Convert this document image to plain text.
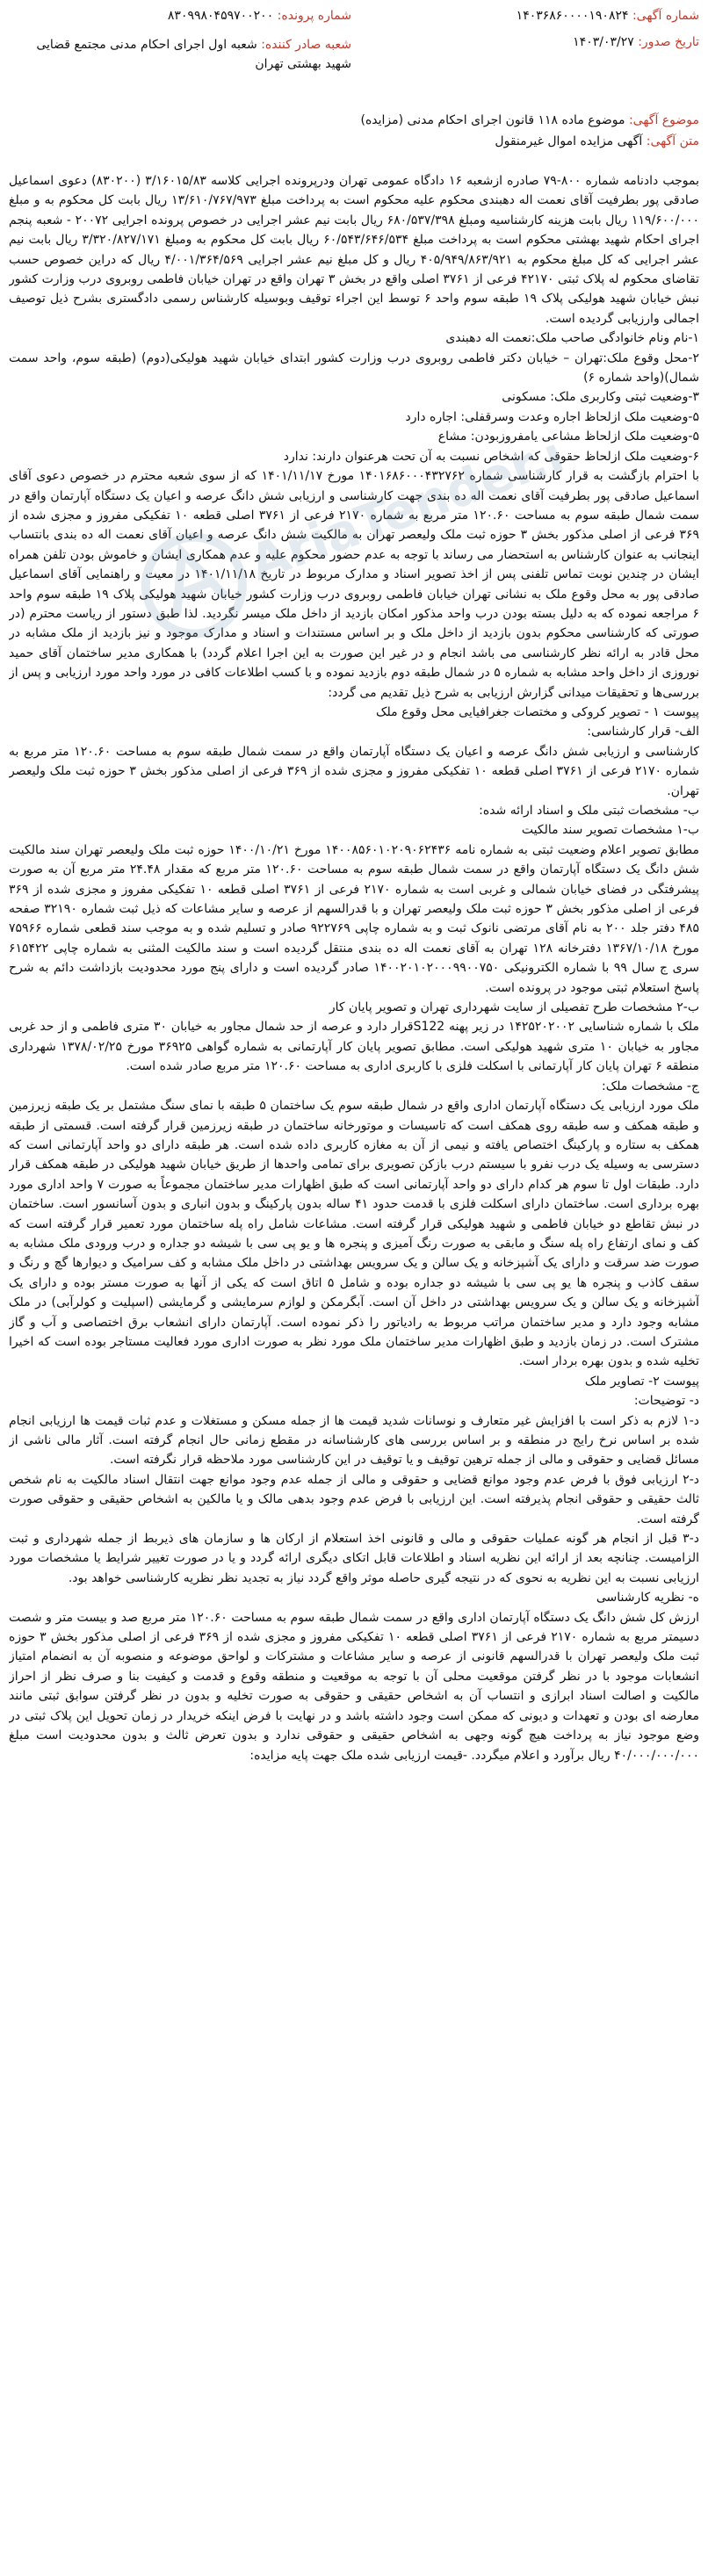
شماره آگهی: ۱۴۰۳۶۸۶۰۰۰۰۱۹۰۸۲۴
شماره پرونده: ۸۳۰۹۹۸۰۴۵۹۷۰۰۲۰۰
تاریخ صدور: ۱۴۰۳/۰۳/۲۷
شعبه صادر کننده: شعبه اول اجرای احکام مدنی مجتمع قضایی شهید بهشتی تهران
موضوع آگهی: موضوع ماده ۱۱۸ قانون اجرای احکام مدنی (مزایده)
متن آگهی: آگهی مزایده اموال غیرمنقول

بموجب دادنامه شماره ۸۰۰-۷۹ صادره ازشعبه ۱۶ دادگاه عمومی تهران ودرپرونده اجرایی کلاسه ۳/۱۶۰۱۵/۸۳ (۸۳۰۲۰۰) دعوی اسماعیل صادقی پور بطرفیت آقای نعمت اله دهبندی محکوم علیه محکوم است به پرداخت مبلغ ۱۳/۶۱۰/۷۶۷/۹۷۳ ریال بابت کل محکوم به و مبلغ ۱۱۹/۶۰۰/۰۰۰ ریال بابت هزینه کارشناسیه ومبلغ ۶۸۰/۵۳۷/۳۹۸ ریال بابت نیم عشر اجرایی در خصوص پرونده اجرایی ۲۰۰۷۲ - شعبه پنجم اجرای احکام شهید بهشتی محکوم است به پرداخت مبلغ ۶۰/۵۴۳/۶۴۶/۵۳۴ ریال بابت کل محکوم به ومبلغ ۳/۳۲۰/۸۲۷/۱۷۱ ریال بابت نیم عشر اجرایی که کل مبلغ محکوم به ۴۰۵/۹۴۹/۸۶۳/۹۲۱ ریال و کل مبلغ نیم عشر اجرایی ۴/۰۰۱/۳۶۴/۵۶۹ ریال که دراین خصوص حسب تقاضای محکوم له پلاک ثبتی ۴۲۱۷۰ فرعی از ۳۷۶۱ اصلی واقع در بخش ۳ تهران واقع در تهران خیابان فاطمی روبروی درب وزارت کشور نبش خیابان شهید هولیکی پلاک ۱۹ طبقه سوم واحد ۶ توسط این اجراء توقیف وبوسیله کارشناس رسمی دادگستری بشرح ذیل توصیف اجمالی وارزیابی گردیده است.

۱-نام ونام خانوادگی صاحب ملک:نعمت اله دهبندی

۲-محل وقوع ملک:تهران – خیابان دکتر فاطمی روبروی درب وزارت کشور ابتدای خیابان شهید هولیکی(دوم) (طبقه سوم، واحد سمت شمال)(واحد شماره ۶)

۳-وضعیت ثبتی وکاربری ملک: مسکونی

۵-وضعیت ملک ازلحاظ اجاره وعدت وسرقفلی: اجاره دارد

۵-وضعیت ملک ازلحاظ مشاعی یامفروزبودن: مشاع

۶-وضعیت ملک ازلحاظ حقوقی که اشخاص نسبت به آن تحت هرعنوان دارند: ندارد

با احترام بازگشت به قرار کارشناسی شماره ۱۴۰۱۶۸۶۰۰۰۴۳۲۷۶۲ مورخ ۱۴۰۱/۱۱/۱۷ که از سوی شعبه محترم در خصوص دعوی آقای اسماعیل صادقی پور بطرفیت آقای نعمت اله ده بندی جهت کارشناسی و ارزیابی شش دانگ عرصه و اعیان یک دستگاه آپارتمان واقع در سمت شمال طبقه سوم به مساحت ۱۲۰.۶۰ متر مربع به شماره ۲۱۷۰ فرعی از ۳۷۶۱ اصلی قطعه ۱۰ تفکیکی مفروز و مجزی شده از ۳۶۹ فرعی از اصلی مذکور بخش ۳ حوزه ثبت ملک ولیعصر تهران به مالکیت شش دانگ عرصه و اعیان آقای نعمت اله ده بندی بانتساب اینجانب به عنوان کارشناس به استحضار می رساند با توجه به عدم حضور محکوم علیه و عدم همکاری ایشان و خاموش بودن تلفن همراه ایشان در چندین نوبت تماس تلفنی پس از اخذ تصویر اسناد و مدارک مربوط در تاریخ ۱۴۰۱/۱۱/۱۸ در معیت و راهنمایی آقای اسماعیل صادقی پور به محل وقوع ملک به نشانی تهران خیابان فاطمی روبروی درب وزارت کشور خیابان شهید هولیکی پلاک ۱۹ طبقه سوم واحد ۶ مراجعه نموده که به دلیل بسته بودن درب واحد مذکور امکان بازدید از داخل ملک میسر نگردید. لذا طبق دستور از ریاست محترم (در صورتی که کارشناسی محکوم بدون بازدید از داخل ملک و بر اساس مستندات و اسناد و مدارک موجود و نیز بازدید از ملک مشابه در محل قادر به ارائه نظر کارشناسی می باشد انجام و در غیر این صورت به این اجرا اعلام گردد) با همکاری مدیر ساختمان آقای حمید نوروزی از داخل واحد مشابه به شماره ۵ در شمال طبقه دوم بازدید نموده و با کسب اطلاعات کافی در مورد واحد مورد ارزیابی و پس از بررسی‌ها و تحقیقات میدانی گزارش ارزیابی به شرح ذیل تقدیم می گردد:

پیوست ۱ - تصویر کروکی و مختصات جغرافیایی محل وقوع ملک

الف- قرار کارشناسی:

کارشناسی و ارزیابی شش دانگ عرصه و اعیان یک دستگاه آپارتمان واقع در سمت شمال طبقه سوم به مساحت ۱۲۰.۶۰ متر مربع به شماره ۲۱۷۰ فرعی از ۳۷۶۱ اصلی قطعه ۱۰ تفکیکی مفروز و مجزی شده از ۳۶۹ فرعی از اصلی مذکور بخش ۳ حوزه ثبت ملک ولیعصر تهران.

ب- مشخصات ثبتی ملک و اسناد ارائه شده:

ب-۱ مشخصات تصویر سند مالکیت

مطابق تصویر اعلام وضعیت ثبتی به شماره نامه ۱۴۰۰۸۵۶۰۱۰۲۰۹۰۶۲۴۳۶ مورخ ۱۴۰۰/۱۰/۲۱ حوزه ثبت ملک ولیعصر تهران سند مالکیت شش دانگ یک دستگاه آپارتمان واقع در سمت شمال طبقه سوم به مساحت ۱۲۰.۶۰ متر مربع که مقدار ۲۴.۴۸ متر مربع آن به صورت پیشرفتگی در فضای خیابان شمالی و غربی است به شماره ۲۱۷۰ فرعی از ۳۷۶۱ اصلی قطعه ۱۰ تفکیکی مفروز و مجزی شده از ۳۶۹ فرعی از اصلی مذکور بخش ۳ حوزه ثبت ملک ولیعصر تهران و با قدرالسهم از عرصه و سایر مشاعات که ذیل ثبت شماره ۳۲۱۹۰ صفحه ۴۸۵ دفتر جلد ۲۰۰ به نام آقای مرتضی نانوک ثبت و به شماره چاپی ۹۲۲۷۶۹ صادر و تسلیم شده و به موجب سند قطعی شماره ۷۵۹۶۶ مورخ ۱۳۶۷/۱۰/۱۸ دفترخانه ۱۲۸ تهران به آقای نعمت اله ده بندی منتقل گردیده است و سند مالکیت المثنی به شماره چاپی ۶۱۵۴۲۲ سری ج سال ۹۹ با شماره الکترونیکی ۱۴۰۰۲۰۱۰۲۰۰۰۹۹۰۰۷۵۰ صادر گردیده است و دارای پنج مورد محدودیت بازداشت دائم به شرح پاسخ استعلام ثبتی موجود در پرونده است.

ب-۲ مشخصات طرح تفصیلی از سایت شهرداری تهران و تصویر پایان کار

ملک با شماره شناسایی ۱۴۲۵۲۰۲۰۰۲ در زیر پهنه S122قرار دارد و عرصه از حد شمال مجاور به خیابان ۳۰ متری فاطمی و از حد غربی مجاور به خیابان ۱۰ متری شهید هولیکی است. مطابق تصویر پایان کار آپارتمانی به شماره گواهی ۳۶۹۲۵ مورخ ۱۳۷۸/۰۲/۲۵ شهرداری منطقه ۶ تهران پایان کار آپارتمانی با اسکلت فلزی با کاربری اداری به مساحت ۱۲۰.۶۰ متر مربع صادر شده است.

ج- مشخصات ملک:

ملک مورد ارزیابی یک دستگاه آپارتمان اداری واقع در شمال طبقه سوم یک ساختمان ۵ طبقه با نمای سنگ مشتمل بر یک طبقه زیرزمین و طبقه همکف و سه طبقه روی همکف است که تاسیسات و موتورخانه ساختمان در طبقه زیرزمین قرار گرفته است. قسمتی از طبقه همکف به ستاره و پارکینگ اختصاص یافته و نیمی از آن به مغازه کاربری داده شده است. هر طبقه دارای دو واحد آپارتمانی است که دسترسی به وسیله یک درب نفرو با سیستم درب بازکن تصویری برای تمامی واحدها از طریق خیابان شهید هولیکی در طبقه همکف قرار دارد. طبقات اول تا سوم هر کدام دارای دو واحد آپارتمانی است که طبق اظهارات مدیر ساختمان مجموعاً به صورت ۷ واحد اداری مورد بهره برداری است. ساختمان دارای اسکلت فلزی با قدمت حدود ۴۱ ساله بدون پارکینگ و بدون انباری و بدون آسانسور است. ساختمان در نبش تقاطع دو خیابان فاطمی و شهید هولیکی قرار گرفته است. مشاعات شامل راه پله ساختمان مورد تعمیر قرار گرفته است که کف و نمای ارتفاع راه پله سنگ و مابقی به صورت رنگ آمیزی و پنجره ها و یو پی سی با شیشه دو جداره و درب ورودی ملک مشابه به صورت ضد سرقت و دارای یک آشپزخانه و یک سالن و یک سرویس بهداشتی در داخل ملک مشابه و کف سرامیک و دیوارها گچ و رنگ و سقف کاذب و پنجره ها یو پی سی با شیشه دو جداره بوده و شامل ۵ اتاق است که یکی از آنها به صورت مستر بوده و دارای یک آشپزخانه و یک سالن و یک سرویس بهداشتی در داخل آن است. آبگرمکن و لوازم سرمایشی و گرمایشی (اسپلیت و کولرآبی) در ملک مشابه وجود دارد و مدیر ساختمان مراتب مربوط به رادیاتور را ذکر نموده است. آپارتمان دارای انشعاب برق اختصاصی و آب و گاز مشترک است. در زمان بازدید و طبق اظهارات مدیر ساختمان ملک مورد نظر به صورت اداری مورد فعالیت مستاجر بوده است که اخیرا تخلیه شده و بدون بهره بردار است.

پیوست ۲- تصاویر ملک

د- توضیحات:

د-۱ لازم به ذکر است با افزایش غیر متعارف و نوسانات شدید قیمت ها از جمله مسکن و مستغلات و عدم ثبات قیمت ها ارزیابی انجام شده بر اساس نرخ رایج در منطقه و بر اساس بررسی های کارشناسانه در مقطع زمانی حال انجام گرفته است. آثار مالی ناشی از مسائل قضایی و حقوقی و مالی از جمله ترهین توقیف و یا توقیف در این کارشناسی مورد ملاحظه قرار نگرفته است.

د-۲ ارزیابی فوق با فرض عدم وجود موانع قضایی و حقوقی و مالی از جمله عدم وجود موانع جهت انتقال اسناد مالکیت به نام شخص ثالث حقیقی و حقوقی انجام پذیرفته است. این ارزیابی با فرض عدم وجود بدهی مالک و یا مالکین به اشخاص حقیقی و حقوقی صورت گرفته است.

د-۳ قبل از انجام هر گونه عملیات حقوقی و مالی و قانونی اخذ استعلام از ارکان ها و سازمان های ذیربط از جمله شهرداری و ثبت الزامیست. چنانچه بعد از ارائه این نظریه اسناد و اطلاعات قابل اتکای دیگری ارائه گردد و یا در صورت تغییر شرایط یا مشخصات مورد ارزیابی نسبت به این نظریه به نحوی که در نتیجه گیری حاصله موثر واقع گردد نیاز به تجدید نظر نظریه کارشناسی خواهد بود.

ه- نظریه کارشناسی

ارزش کل شش دانگ یک دستگاه آپارتمان اداری واقع در سمت شمال طبقه سوم به مساحت ۱۲۰.۶۰ متر مربع صد و بیست متر و شصت دسیمتر مربع به شماره ۲۱۷۰ فرعی از ۳۷۶۱ اصلی قطعه ۱۰ تفکیکی مفروز و مجزی شده از ۳۶۹ فرعی از اصلی مذکور بخش ۳ حوزه ثبت ملک ولیعصر تهران با قدرالسهم قانونی از عرصه و سایر مشاعات و مشترکات و لواحق موضوعه و منصوبه آن به انضمام امتیاز انشعابات موجود با در نظر گرفتن موقعیت محلی آن با توجه به موقعیت و منطقه وقوع و قدمت و کیفیت بنا و صرف نظر از احراز مالکیت و اصالت اسناد ابرازی و انتساب آن به اشخاص حقیقی و حقوقی به صورت تخلیه و بدون در نظر گرفتن سوابق ثبتی مانند معارضه ای بودن و تعهدات و دیونی که ممکن است وجود داشته باشد و در نهایت با فرض اینکه خریدار در زمان تحویل این پلاک ثبتی در وضع موجود نیاز به پرداخت هیچ گونه وجهی به اشخاص حقیقی و حقوقی ندارد و بدون تعرض ثالث و بدون محدودیت است مبلغ ۴۰/۰۰۰/۰۰۰/۰۰۰ ریال برآورد و اعلام میگردد. -قیمت ارزیابی شده ملک جهت پایه مزایده:

AriaTender.net
